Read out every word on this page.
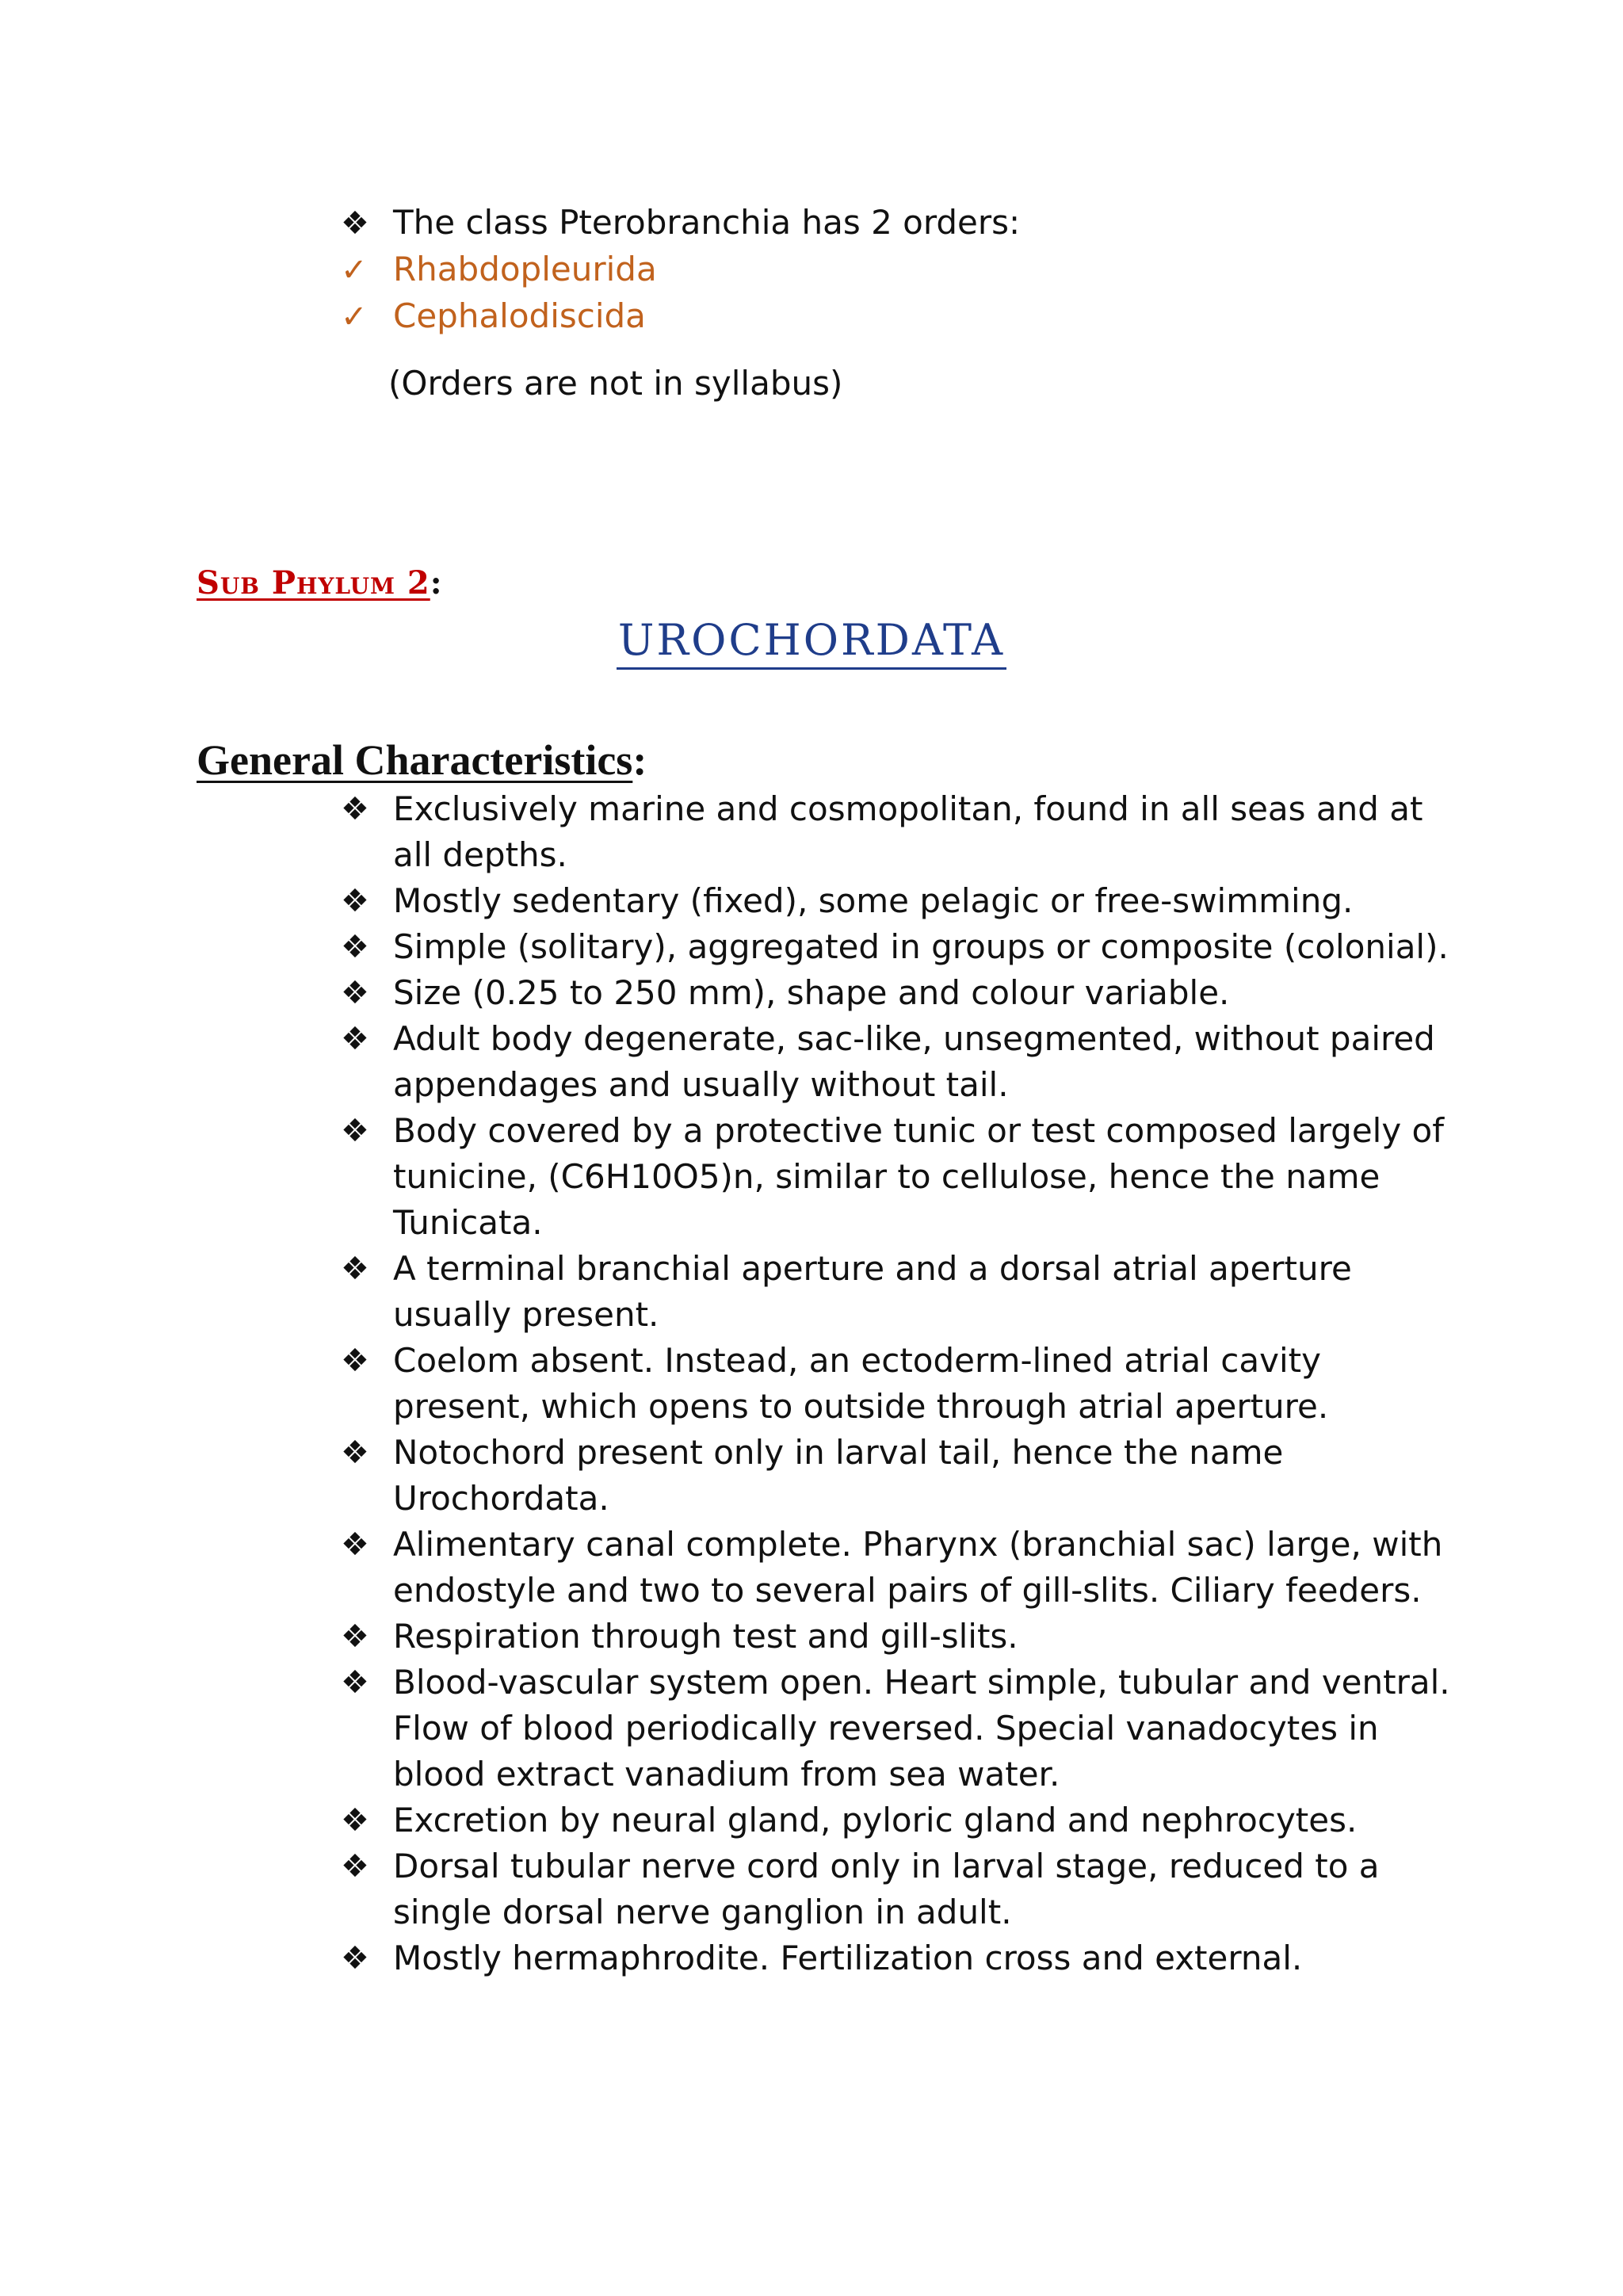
❖ The class Pterobranchia has 2 orders:
✓ Rhabdopleurida
✓ Cephalodiscida
(Orders are not in syllabus)
Sub Phylum 2:
UROCHORDATA
General Characteristics:
❖ Exclusively marine and cosmopolitan, found in all seas and at all depths.
❖ Mostly sedentary (fixed), some pelagic or free-swimming.
❖ Simple (solitary), aggregated in groups or composite (colonial).
❖ Size (0.25 to 250 mm), shape and colour variable.
❖ Adult body degenerate, sac-like, unsegmented, without paired appendages and usually without tail.
❖ Body covered by a protective tunic or test composed largely of tunicine, (C6H10O5)n, similar to cellulose, hence the name Tunicata.
❖ A terminal branchial aperture and a dorsal atrial aperture usually present.
❖ Coelom absent. Instead, an ectoderm-lined atrial cavity present, which opens to outside through atrial aperture.
❖ Notochord present only in larval tail, hence the name Urochordata.
❖ Alimentary canal complete. Pharynx (branchial sac) large, with endostyle and two to several pairs of gill-slits. Ciliary feeders.
❖ Respiration through test and gill-slits.
❖ Blood-vascular system open. Heart simple, tubular and ventral. Flow of blood periodically reversed. Special vanadocytes in blood extract vanadium from sea water.
❖ Excretion by neural gland, pyloric gland and nephrocytes.
❖ Dorsal tubular nerve cord only in larval stage, reduced to a single dorsal nerve ganglion in adult.
❖ Mostly hermaphrodite. Fertilization cross and external.
